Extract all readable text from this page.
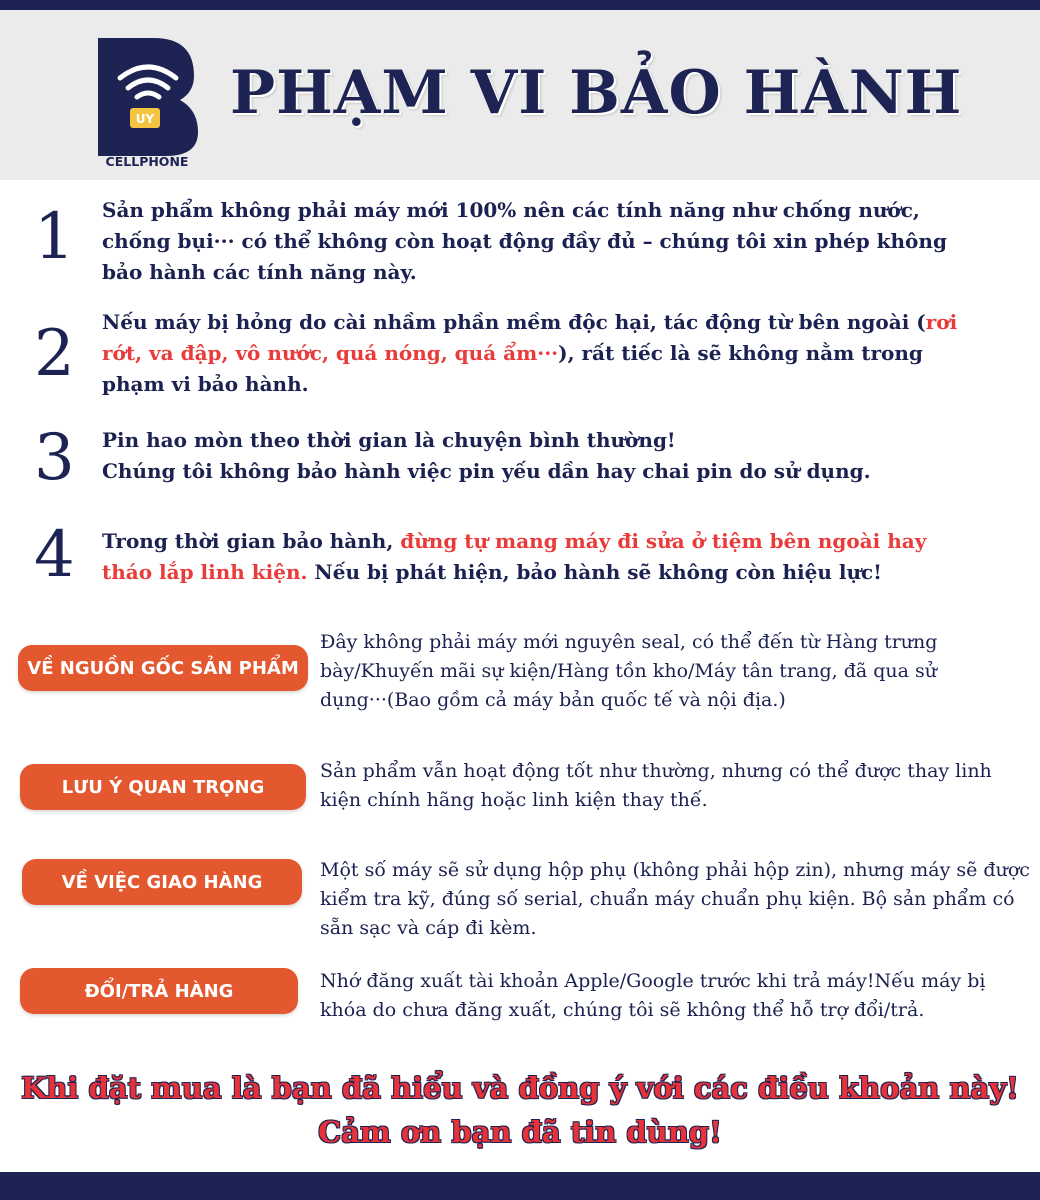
UY
CELLPHONE
PHẠM VI BẢO HÀNH
1 Sản phẩm không phải máy mới 100% nên các tính năng như chống nước, chống bụi··· có thể không còn hoạt động đầy đủ – chúng tôi xin phép không bảo hành các tính năng này.
2 Nếu máy bị hỏng do cài nhầm phần mềm độc hại, tác động từ bên ngoài (rơi rớt, va đập, vô nước, quá nóng, quá ẩm···), rất tiếc là sẽ không nằm trong phạm vi bảo hành.
3 Pin hao mòn theo thời gian là chuyện bình thường!
Chúng tôi không bảo hành việc pin yếu dần hay chai pin do sử dụng.
4 Trong thời gian bảo hành, đừng tự mang máy đi sửa ở tiệm bên ngoài hay tháo lắp linh kiện. Nếu bị phát hiện, bảo hành sẽ không còn hiệu lực!
VỀ NGUỒN GỐC SẢN PHẨM
Đây không phải máy mới nguyên seal, có thể đến từ Hàng trưng bày/Khuyến mãi sự kiện/Hàng tồn kho/Máy tân trang, đã qua sử dụng···(Bao gồm cả máy bản quốc tế và nội địa.)
LƯU Ý QUAN TRỌNG
Sản phẩm vẫn hoạt động tốt như thường, nhưng có thể được thay linh kiện chính hãng hoặc linh kiện thay thế.
VỀ VIỆC GIAO HÀNG
Một số máy sẽ sử dụng hộp phụ (không phải hộp zin), nhưng máy sẽ được kiểm tra kỹ, đúng số serial, chuẩn máy chuẩn phụ kiện. Bộ sản phẩm có sẵn sạc và cáp đi kèm.
ĐỔI/TRẢ HÀNG	Nhớ đăng xuất tài khoản Apple/Google trước khi trả máy!Nếu máy bị khóa do chưa đăng xuất, chúng tôi sẽ không thể hỗ trợ đổi/trả.
Khi đặt mua là bạn đã hiểu và đồng ý với các điều khoản này!
Cảm ơn bạn đã tin dùng!
